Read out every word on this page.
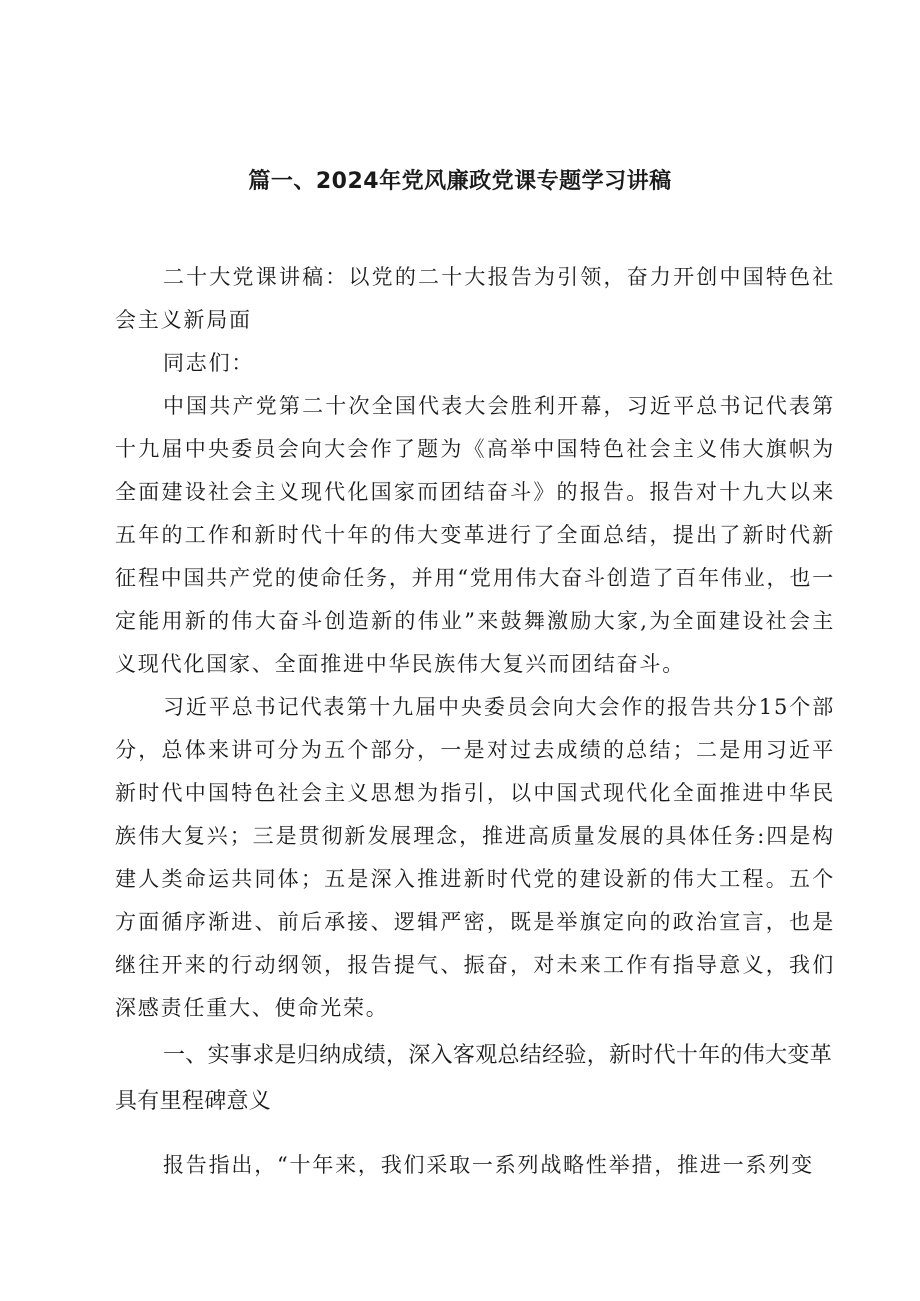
篇一、2024年党风廉政党课专题学习讲稿

二十大党课讲稿：以党的二十大报告为引领，奋力开创中国特色社会主义新局面

同志们：

中国共产党第二十次全国代表大会胜利开幕，习近平总书记代表第十九届中央委员会向大会作了题为《高举中国特色社会主义伟大旗帜为全面建设社会主义现代化国家而团结奋斗》的报告。报告对十九大以来五年的工作和新时代十年的伟大变革进行了全面总结，提出了新时代新征程中国共产党的使命任务，并用“党用伟大奋斗创造了百年伟业，也一定能用新的伟大奋斗创造新的伟业”来鼓舞激励大家,为全面建设社会主义现代化国家、全面推进中华民族伟大复兴而团结奋斗。

习近平总书记代表第十九届中央委员会向大会作的报告共分15个部分，总体来讲可分为五个部分，一是对过去成绩的总结；二是用习近平新时代中国特色社会主义思想为指引，以中国式现代化全面推进中华民族伟大复兴；三是贯彻新发展理念，推进高质量发展的具体任务:四是构建人类命运共同体；五是深入推进新时代党的建设新的伟大工程。五个方面循序渐进、前后承接、逻辑严密，既是举旗定向的政治宣言，也是继往开来的行动纲领，报告提气、振奋，对未来工作有指导意义，我们深感责任重大、使命光荣。

一、实事求是归纳成绩，深入客观总结经验，新时代十年的伟大变革具有里程碑意义

报告指出，“十年来，我们采取一系列战略性举措，推进一系列变
